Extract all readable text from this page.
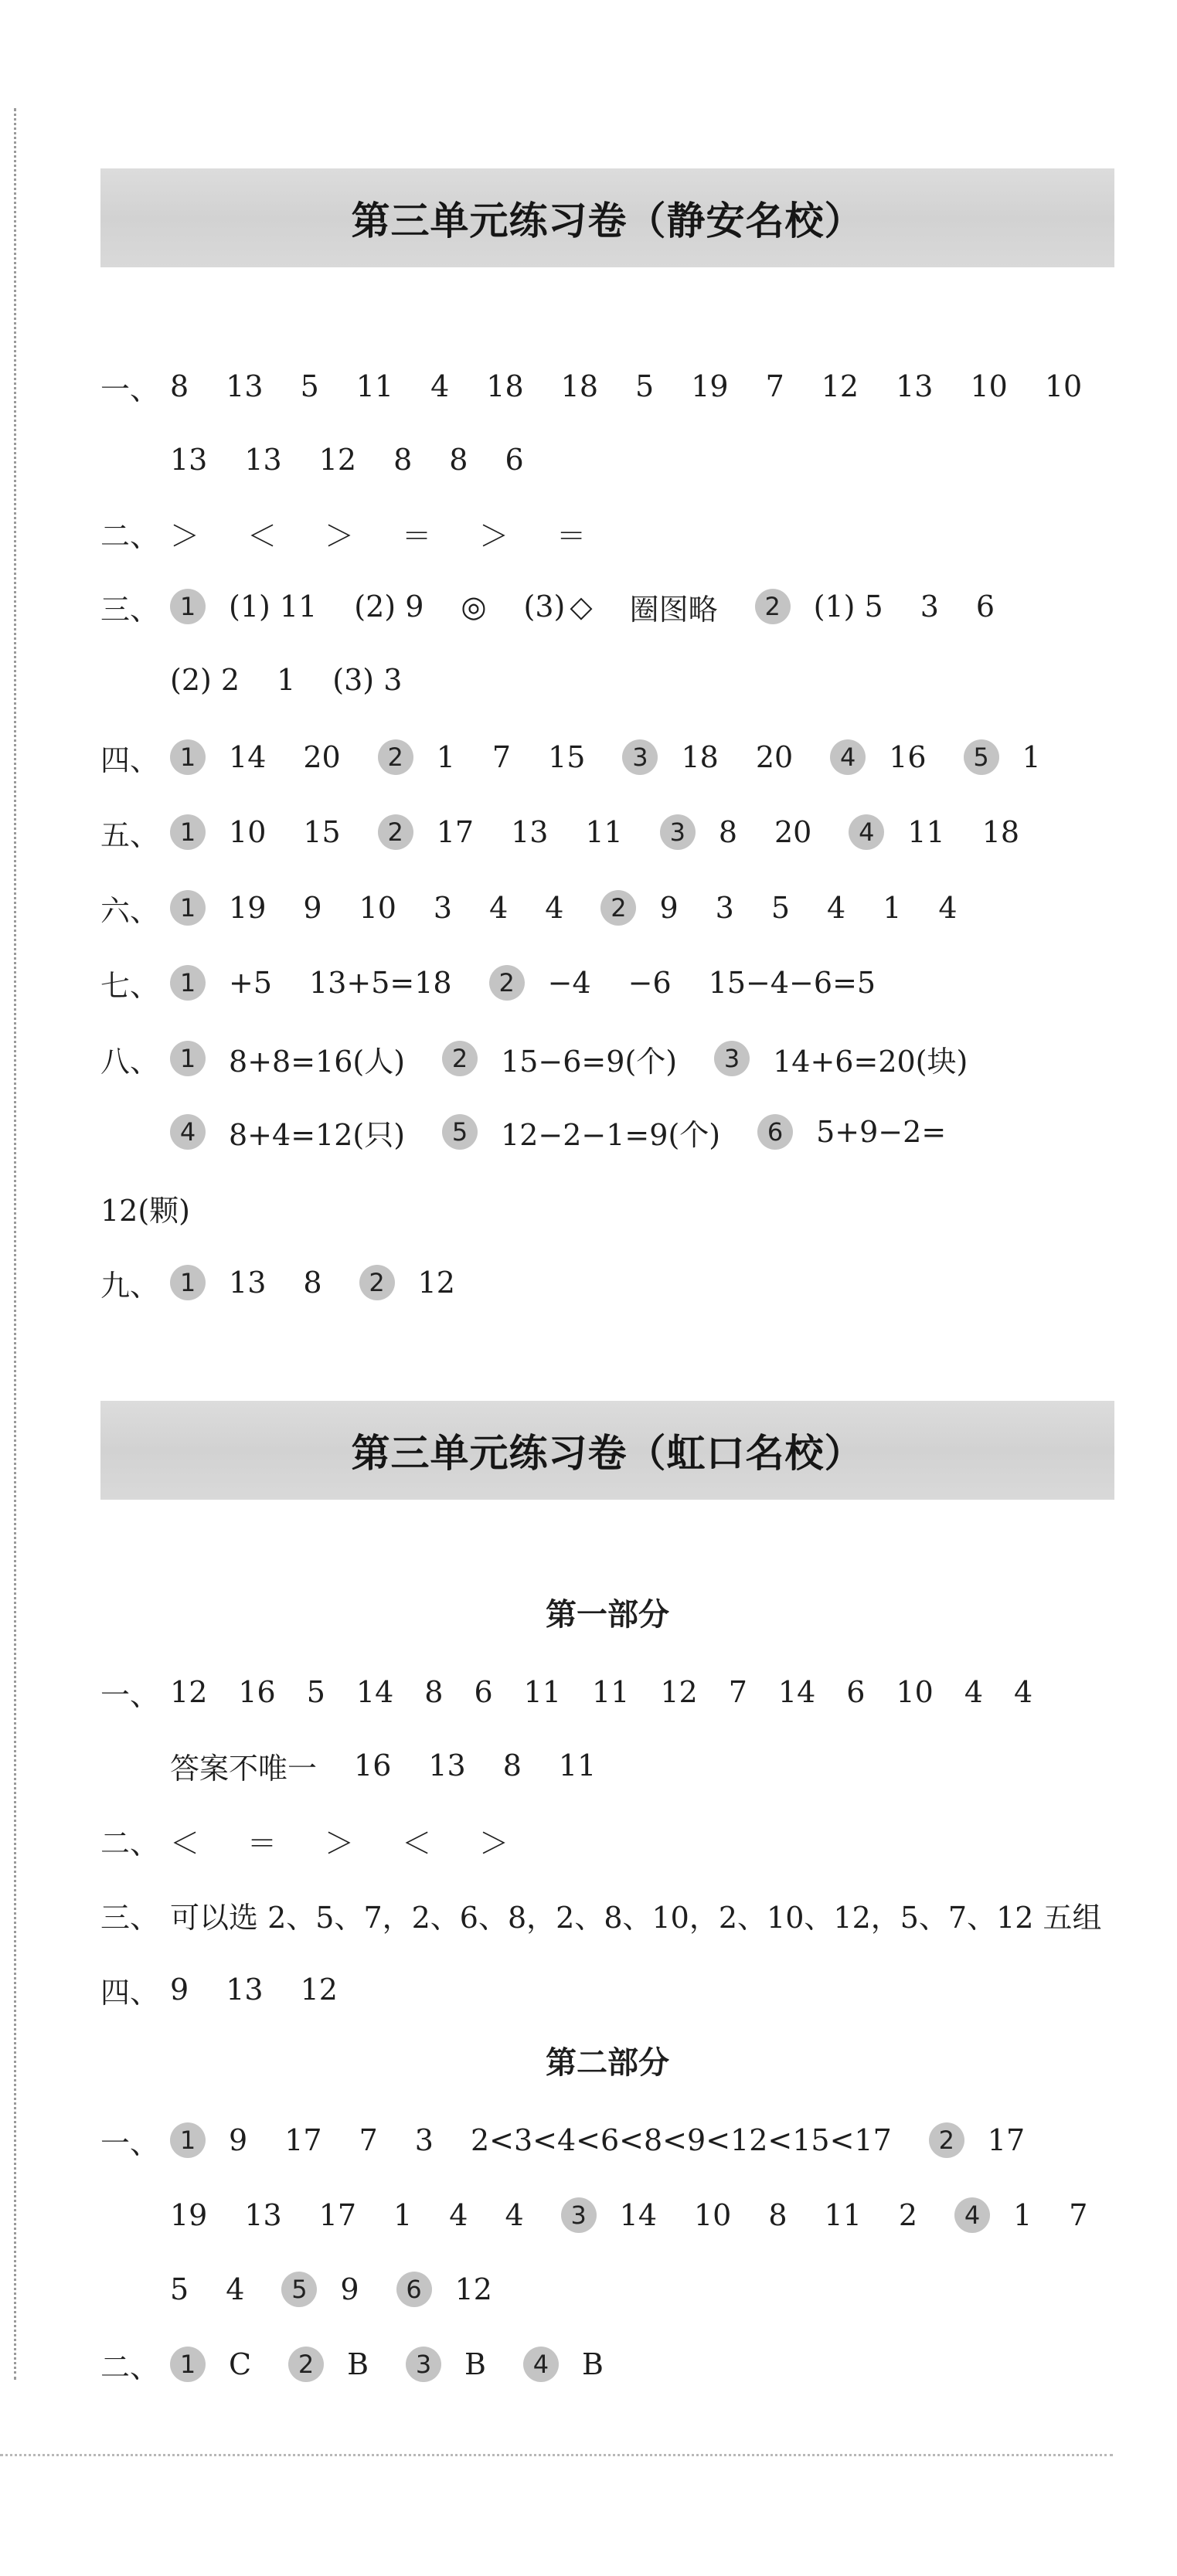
第三单元练习卷（静安名校）
一、 8 13 5 11 4 18 18 5 19 7 12 13 10 10
13 13 12 8 8 6
二、 ＞ ＜ ＞ ＝ ＞ ＝
三、 1	(1) 11 (2) 9 ◎ (3) ◇ 圈图略	2	(1) 5 3 6
(2) 2 1 (3) 3
四、 1	14 20	2	1 7 15	3	18 20	4	16	5	1
五、 1	10 15	2	17 13 11	3	8 20	4	11 18
六、 1	19 9 10 3 4 4	2	9 3 5 4 1 4
七、 1	+5 13+5=18	2	−4 −6 15−4−6=5
八、 1	8+8=16(人)	2	15−6=9(个)	3	14+6=20(块)
4	8+4=12(只)	5	12−2−1=9(个)	6	5+9−2=
12(颗)
九、 1	13 8	2	12
第三单元练习卷（虹口名校）
第一部分
一、 12 16 5 14 8 6 11 11 12 7 14 6 10 4 4
答案不唯一 16 13 8 11
二、 ＜ ＝ ＞ ＜ ＞
三、 可以选 2、5、7，2、6、8，2、8、10，2、10、12，5、7、12 五组
四、 9 13 12
第二部分
一、 1	9 17 7 3 2<3<4<6<8<9<12<15<17	2	17
19 13 17 1 4 4	3	14 10 8 11 2	4	1 7
5 4	5	9	6	12
二、 1	C	2	B	3	B	4	B
